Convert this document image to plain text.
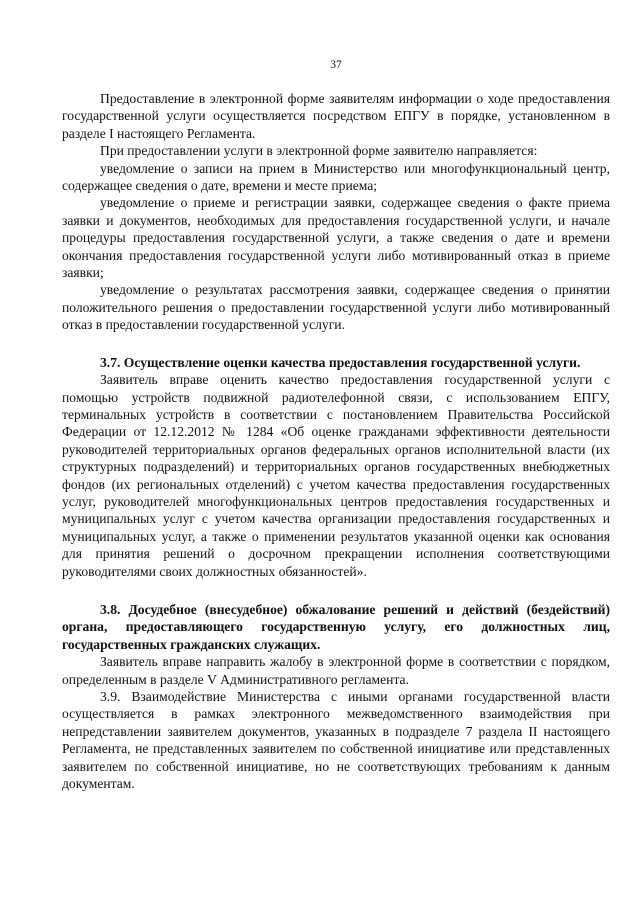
37

Предоставление в электронной форме заявителям информации о ходе предоставления государственной услуги осуществляется посредством ЕПГУ в порядке, установленном в разделе I настоящего Регламента.

При предоставлении услуги в электронной форме заявителю направляется:

уведомление о записи на прием в Министерство или многофункциональный центр, содержащее сведения о дате, времени и месте приема;

уведомление о приеме и регистрации заявки, содержащее сведения о факте приема заявки и документов, необходимых для предоставления государственной услуги, и начале процедуры предоставления государственной услуги, а также сведения о дате и времени окончания предоставления государственной услуги либо мотивированный отказ в приеме заявки;

уведомление о результатах рассмотрения заявки, содержащее сведения о принятии положительного решения о предоставлении государственной услуги либо мотивированный отказ в предоставлении государственной услуги.

3.7. Осуществление оценки качества предоставления государственной услуги.

Заявитель вправе оценить качество предоставления государственной услуги с помощью устройств подвижной радиотелефонной связи, с использованием ЕПГУ, терминальных устройств в соответствии с постановлением Правительства Российской Федерации от 12.12.2012 № 1284 «Об оценке гражданами эффективности деятельности руководителей территориальных органов федеральных органов исполнительной власти (их структурных подразделений) и территориальных органов государственных внебюджетных фондов (их региональных отделений) с учетом качества предоставления государственных услуг, руководителей многофункциональных центров предоставления государственных и муниципальных услуг с учетом качества организации предоставления государственных и муниципальных услуг, а также о применении результатов указанной оценки как основания для принятия решений о досрочном прекращении исполнения соответствующими руководителями своих должностных обязанностей».

3.8. Досудебное (внесудебное) обжалование решений и действий (бездействий) органа, предоставляющего государственную услугу, его должностных лиц, государственных гражданских служащих.

Заявитель вправе направить жалобу в электронной форме в соответствии с порядком, определенным в разделе V Административного регламента.

3.9. Взаимодействие Министерства с иными органами государственной власти осуществляется в рамках электронного межведомственного взаимодействия при непредставлении заявителем документов, указанных в подразделе 7 раздела II настоящего Регламента, не представленных заявителем по собственной инициативе или представленных заявителем по собственной инициативе, но не соответствующих требованиям к данным документам.
